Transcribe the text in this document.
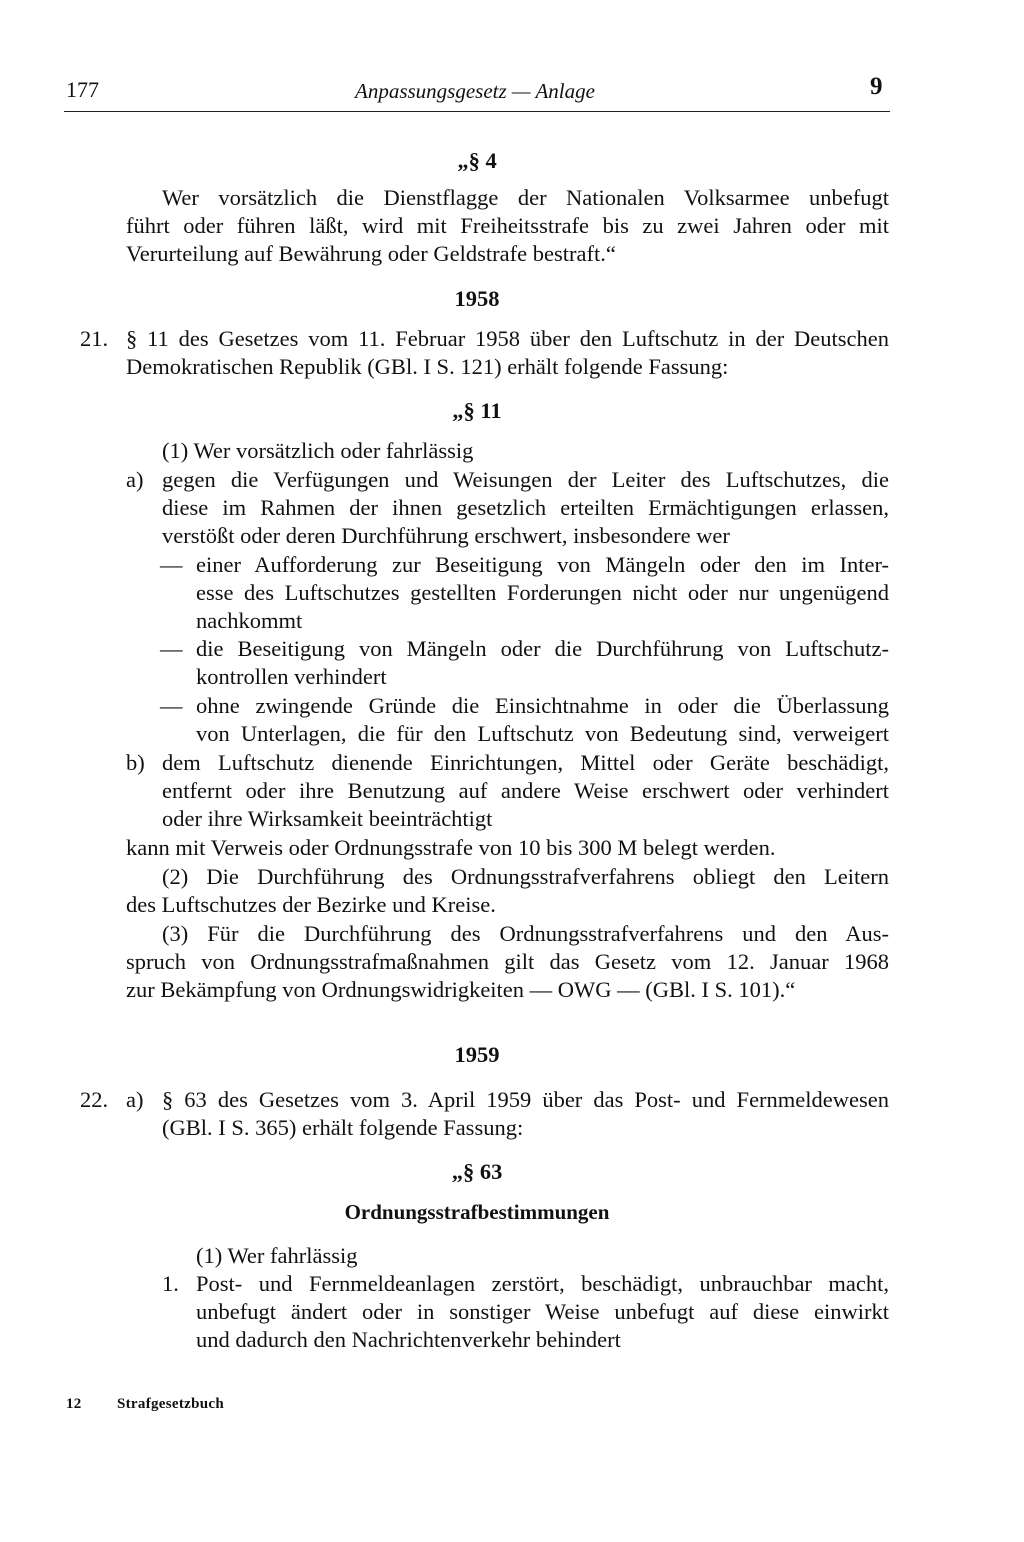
177	Anpassungsgesetz — Anlage	9
„§ 4
Wer vorsätzlich die Dienstflagge der Nationalen Volksarmee unbefugt
führt oder führen läßt, wird mit Freiheitsstrafe bis zu zwei Jahren oder mit
Verurteilung auf Bewährung oder Geldstrafe bestraft.“
1958
21. § 11 des Gesetzes vom 11. Februar 1958 über den Luftschutz in der Deutschen
Demokratischen Republik (GBl. I S. 121) erhält folgende Fassung:
„§ 11
(1) Wer vorsätzlich oder fahrlässig
a) gegen die Verfügungen und Weisungen der Leiter des Luftschutzes, die
diese im Rahmen der ihnen gesetzlich erteilten Ermächtigungen erlassen,
verstößt oder deren Durchführung erschwert, insbesondere wer
— einer Aufforderung zur Beseitigung von Mängeln oder den im Inter-
esse des Luftschutzes gestellten Forderungen nicht oder nur ungenügend
nachkommt
— die Beseitigung von Mängeln oder die Durchführung von Luftschutz-
kontrollen verhindert
— ohne zwingende Gründe die Einsichtnahme in oder die Überlassung
von Unterlagen, die für den Luftschutz von Bedeutung sind, verweigert
b) dem Luftschutz dienende Einrichtungen, Mittel oder Geräte beschädigt,
entfernt oder ihre Benutzung auf andere Weise erschwert oder verhindert
oder ihre Wirksamkeit beeinträchtigt
kann mit Verweis oder Ordnungsstrafe von 10 bis 300 M belegt werden.
(2) Die Durchführung des Ordnungsstrafverfahrens obliegt den Leitern
des Luftschutzes der Bezirke und Kreise.
(3) Für die Durchführung des Ordnungsstrafverfahrens und den Aus-
spruch von Ordnungsstrafmaßnahmen gilt das Gesetz vom 12. Januar 1968
zur Bekämpfung von Ordnungswidrigkeiten — OWG — (GBl. I S. 101).“
1959
22. a) § 63 des Gesetzes vom 3. April 1959 über das Post- und Fernmeldewesen
(GBl. I S. 365) erhält folgende Fassung:
„§ 63
Ordnungsstrafbestimmungen
(1) Wer fahrlässig
1. Post- und Fernmeldeanlagen zerstört, beschädigt, unbrauchbar macht,
unbefugt ändert oder in sonstiger Weise unbefugt auf diese einwirkt
und dadurch den Nachrichtenverkehr behindert
12 Strafgesetzbuch
